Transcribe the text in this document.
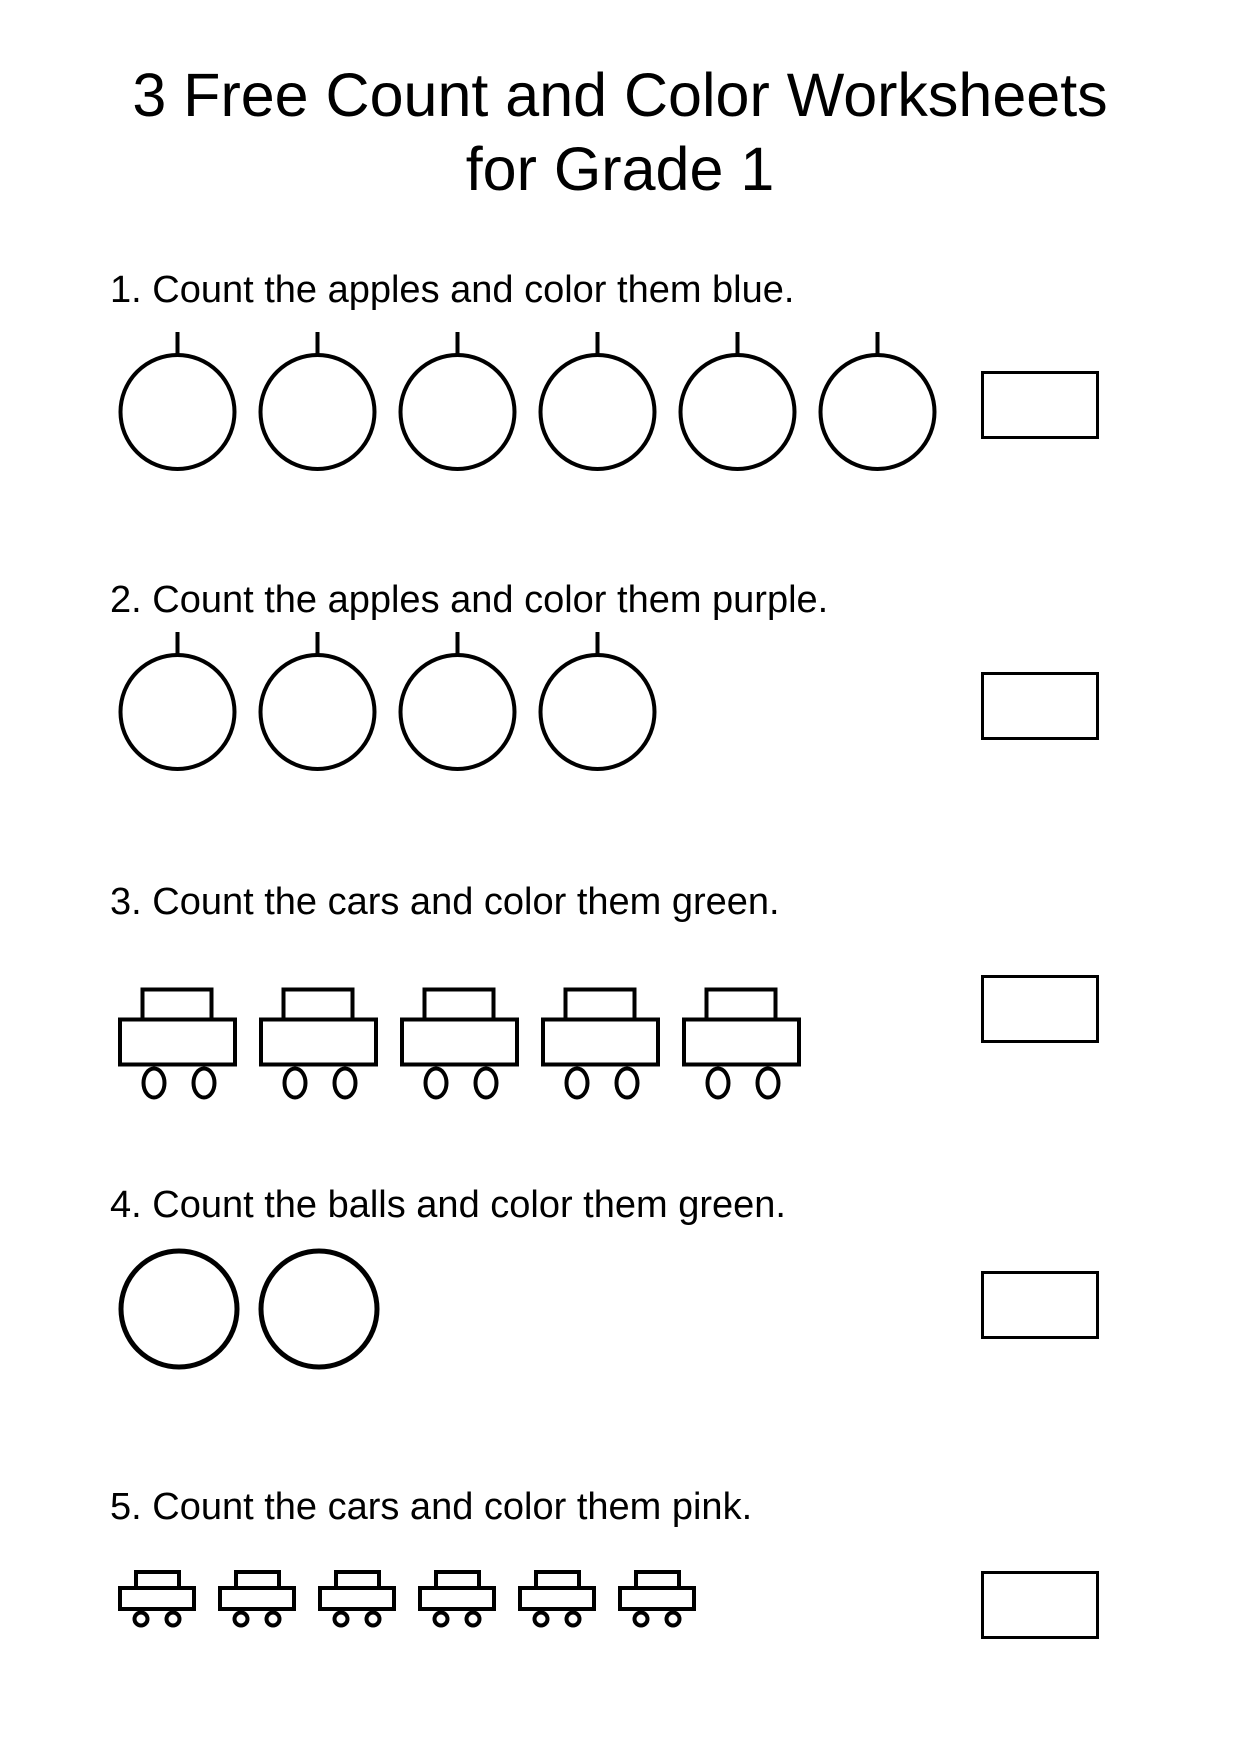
3 Free Count and Color Worksheets
for Grade 1

1. Count the apples and color them blue.

2. Count the apples and color them purple.

3. Count the cars and color them green.

4. Count the balls and color them green.

5. Count the cars and color them pink.
